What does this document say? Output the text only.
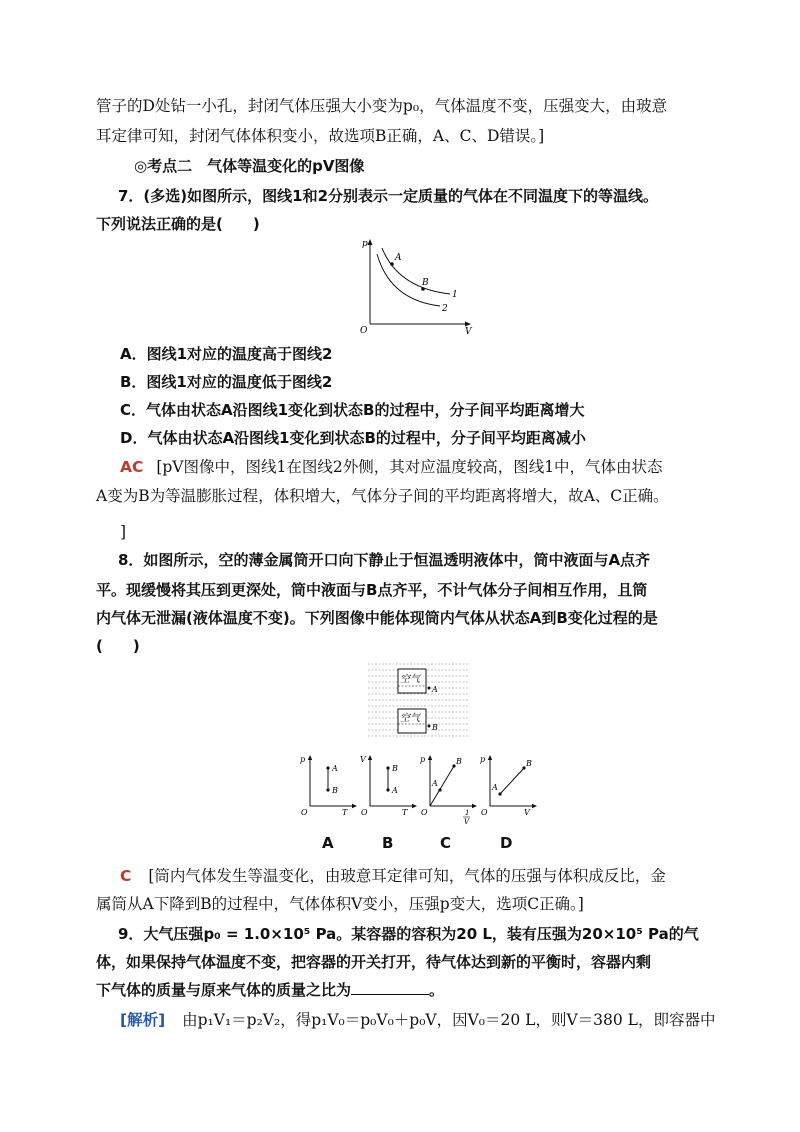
管子的D处钻一小孔，封闭气体压强大小变为p₀，气体温度不变，压强变大，由玻意
耳定律可知，封闭气体体积变小，故选项B正确，A、C、D错误。]
◎考点二　气体等温变化的pV图像
7．(多选)如图所示，图线1和2分别表示一定质量的气体在不同温度下的等温线。
下列说法正确的是(　　)
p
O	V
A
B
1
2
A．图线1对应的温度高于图线2
B．图线1对应的温度低于图线2
C．气体由状态A沿图线1变化到状态B的过程中，分子间平均距离增大
D．气体由状态A沿图线1变化到状态B的过程中，分子间平均距离减小
AC [pV图像中，图线1在图线2外侧，其对应温度较高，图线1中，气体由状态
A变为B为等温膨胀过程，体积增大，气体分子间的平均距离将增大，故A、C正确。
]
8．如图所示，空的薄金属筒开口向下静止于恒温透明液体中，筒中液面与A点齐
平。现缓慢将其压到更深处，筒中液面与B点齐平，不计气体分子间相互作用，且筒
内气体无泄漏(液体温度不变)。下列图像中能体现筒内气体从状态A到B变化过程的是
(　　)
空气
A
空气
B
p
O	T
A
B
V
O	T
B
A
p
O	1
V
B
A
p
O	V
B
A
A	B	C	D
C [筒内气体发生等温变化，由玻意耳定律可知，气体的压强与体积成反比，金
属筒从A下降到B的过程中，气体体积V变小，压强p变大，选项C正确。]
9．大气压强p₀ = 1.0×10⁵ Pa。某容器的容积为20 L，装有压强为20×10⁵ Pa的气
体，如果保持气体温度不变，把容器的开关打开，待气体达到新的平衡时，容器内剩
下气体的质量与原来气体的质量之比为	。
[解析] 由p₁V₁＝p₂V₂，得p₁V₀＝p₀V₀＋p₀V，因V₀＝20 L，则V＝380 L，即容器中
